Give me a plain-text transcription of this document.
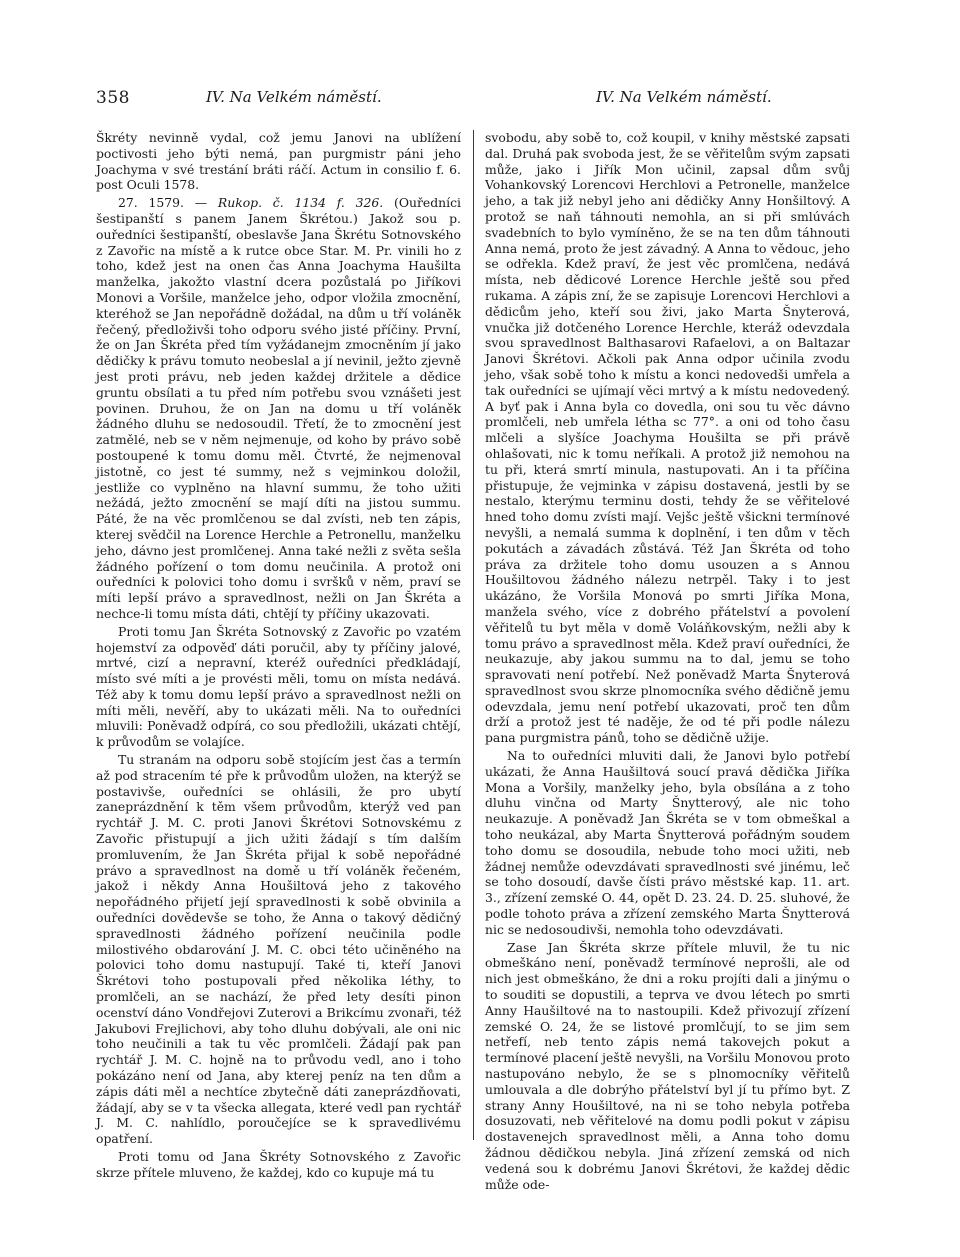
358	IV. Na Velkém náměstí.	IV. Na Velkém náměstí.

Škréty nevinně vydal, což jemu Janovi na ublížení poctivosti jeho býti nemá, pan purgmistr páni jeho Joachyma v své trestání bráti ráčí. Actum in consilio f. 6. post Oculi 1578.

27. 1579. — Rukop. č. 1134 f. 326. (Ouředníci šestipanští s panem Janem Škrétou.) Jakož sou p. ouředníci šestipanští, obeslavše Jana Škrétu Sotnovského z Zavořic na místě a k rutce obce Star. M. Pr. vinili ho z toho, kdež jest na onen čas Anna Joachyma Haušilta manželka, jakožto vlastní dcera pozůstalá po Jiříkovi Monovi a Voršile, manželce jeho, odpor vložila zmocnění, kteréhož se Jan nepořádně dožádal, na dům u tří voláněk řečený, předloživši toho odporu svého jisté příčiny. První, že on Jan Škréta před tím vyžádanejm zmocněním jí jako dědičky k právu tomuto neobeslal a jí nevinil, ježto zjevně jest proti právu, neb jeden každej držitele a dědice gruntu obsílati a tu před ním potřebu svou vznášeti jest povinen. Druhou, že on Jan na domu u tří voláněk žádného dluhu se nedosoudil. Třetí, že to zmocnění jest zatmělé, neb se v něm nejmenuje, od koho by právo sobě postoupené k tomu domu měl. Čtvrté, že nejmenoval jistotně, co jest té summy, než s vejminkou doložil, jestliže co vyplněno na hlavní summu, že toho užiti nežádá, ježto zmocnění se mají díti na jistou summu. Páté, že na věc promlčenou se dal zvísti, neb ten zápis, kterej svědčil na Lorence Herchle a Petronellu, manželku jeho, dávno jest promlčenej. Anna také nežli z světa sešla žádného pořízení o tom domu neučinila. A protož oni ouředníci k polovici toho domu i svršků v něm, praví se míti lepší právo a spravedlnost, nežli on Jan Škréta a nechce-li tomu místa dáti, chtějí ty příčiny ukazovati.

Proti tomu Jan Škréta Sotnovský z Zavořic po vzatém hojemství za odpověď dáti poručil, aby ty příčiny jalové, mrtvé, cizí a nepravní, kteréž ouředníci předkládají, místo své míti a je provésti měli, tomu on místa nedává. Též aby k tomu domu lepší právo a spravedlnost nežli on míti měli, nevěří, aby to ukázati měli. Na to ouředníci mluvili: Poněvadž odpírá, co sou předložili, ukázati chtějí, k průvodům se volajíce.

Tu stranám na odporu sobě stojícím jest čas a termín až pod stracením té pře k průvodům uložen, na kterýž se postavivše, ouředníci se ohlásili, že pro ubytí zaneprázdnění k těm všem průvodům, kterýž ved pan rychtář J. M. C. proti Janovi Škrétovi Sotnovskému z Zavořic přistupují a jich užiti žádají s tím dalším promluvením, že Jan Škréta přijal k sobě nepořádné právo a spravedlnost na domě u tří voláněk řečeném, jakož i někdy Anna Houšiltová jeho z takového nepořádného přijetí její spravedlnosti k sobě obvinila a ouředníci dovědevše se toho, že Anna o takový dědičný spravedlnosti žádného pořízení neučinila podle milostivého obdarování J. M. C. obci této učiněného na polovici toho domu nastupují. Také ti, kteří Janovi Škrétovi toho postupovali před několika léthy, to promlčeli, an se nachází, že před lety desíti pinon ocenství dáno Vondřejovi Zuterovi a Brikcímu zvonaři, též Jakubovi Frejlichovi, aby toho dluhu dobývali, ale oni nic toho neučinili a tak tu věc promlčeli. Žádají pak pan rychtář J. M. C. hojně na to průvodu vedl, ano i toho pokázáno není od Jana, aby kterej peníz na ten dům a zápis dáti měl a nechtíce zbytečně dáti zaneprázdňovati, žádají, aby se v ta všecka allegata, které vedl pan rychtář J. M. C. nahlídlo, poroučejíce se k spravedlivému opatření.

Proti tomu od Jana Škréty Sotnovského z Zavořic skrze přítele mluveno, že každej, kdo co kupuje má tu

svobodu, aby sobě to, což koupil, v knihy městské zapsati dal. Druhá pak svoboda jest, že se věřitelům svým zapsati může, jako i Jiřík Mon učinil, zapsal dům svůj Vohankovský Lorencovi Herchlovi a Petronelle, manželce jeho, a tak již nebyl jeho ani dědičky Anny Honšiltový. A protož se naň táhnouti nemohla, an si při smlúvách svadebních to bylo vymíněno, že se na ten dům táhnouti Anna nemá, proto že jest závadný. A Anna to vědouc, jeho se odřekla. Kdež praví, že jest věc promlčena, nedává místa, neb dědicové Lorence Herchle ještě sou před rukama. A zápis zní, že se zapisuje Lorencovi Herchlovi a dědicům jeho, kteří sou živi, jako Marta Šnyterová, vnučka již dotčeného Lorence Herchle, kteráž odevzdala svou spravedlnost Balthasarovi Rafaelovi, a on Baltazar Janovi Škrétovi. Ačkoli pak Anna odpor učinila zvodu jeho, však sobě toho k místu a konci nedovedši umřela a tak ouředníci se ujímají věci mrtvý a k místu nedovedený. A byť pak i Anna byla co dovedla, oni sou tu věc dávno promlčeli, neb umřela létha sc 77°. a oni od toho času mlčeli a slyšíce Joachyma Houšilta se při právě ohlašovati, nic k tomu neříkali. A protož již nemohou na tu při, která smrtí minula, nastupovati. An i ta příčina přistupuje, že vejminka v zápisu dostavená, jestli by se nestalo, kterýmu terminu dosti, tehdy že se věřitelové hned toho domu zvísti mají. Vejšc ještě všickni termínové nevyšli, a nemalá summa k doplnění, i ten dům v těch pokutách a závadách zůstává. Též Jan Škréta od toho práva za držitele toho domu usouzen a s Annou Houšiltovou žádného nálezu netrpěl. Taky i to jest ukázáno, že Voršila Monová po smrti Jiříka Mona, manžela svého, více z dobrého přátelství a povolení věřitelů tu byt měla v domě Voláňkovským, nežli aby k tomu právo a spravedlnost měla. Kdež praví ouředníci, že neukazuje, aby jakou summu na to dal, jemu se toho spravovati není potřebí. Než poněvadž Marta Šnyterová spravedlnost svou skrze plnomocníka svého dědičně jemu odevzdala, jemu není potřebí ukazovati, proč ten dům drží a protož jest té naděje, že od té při podle nálezu pana purgmistra pánů, toho se dědičně užije.

Na to ouředníci mluviti dali, že Janovi bylo potřebí ukázati, že Anna Haušiltová soucí pravá dědička Jiříka Mona a Voršily, manželky jeho, byla obsílána a z toho dluhu vinčna od Marty Šnytterový, ale nic toho neukazuje. A poněvadž Jan Škréta se v tom obmeškal a toho neukázal, aby Marta Šnytterová pořádným soudem toho domu se dosoudila, nebude toho moci užiti, neb žádnej nemůže odevzdávati spravedlnosti své jinému, leč se toho dosoudí, davše čísti právo městské kap. 11. art. 3., zřízení zemské O. 44, opět D. 23. 24. D. 25. sluhové, že podle tohoto práva a zřízení zemského Marta Šnytterová nic se nedosoudivši, nemohla toho odevzdávati.

Zase Jan Škréta skrze přítele mluvil, že tu nic obmeškáno není, poněvadž termínové neprošli, ale od nich jest obmeškáno, že dni a roku projíti dali a jinýmu o to souditi se dopustili, a teprva ve dvou létech po smrti Anny Haušiltové na to nastoupili. Kdež přivozují zřízení zemské O. 24, že se listové promlčují, to se jim sem netřefí, neb tento zápis nemá takovejch pokut a termínové placení ještě nevyšli, na Voršilu Monovou proto nastupováno nebylo, že se s plnomocníky věřitelů umlouvala a dle dobrýho přátelství byl jí tu přímo byt. Z strany Anny Houšiltové, na ni se toho nebyla potřeba dosuzovati, neb věřitelové na domu podli pokut v zápisu dostavenejch spravedlnost měli, a Anna toho domu žádnou dědičkou nebyla. Jiná zřízení zemská od nich vedená sou k dobrému Janovi Škrétovi, že každej dědic může ode-
